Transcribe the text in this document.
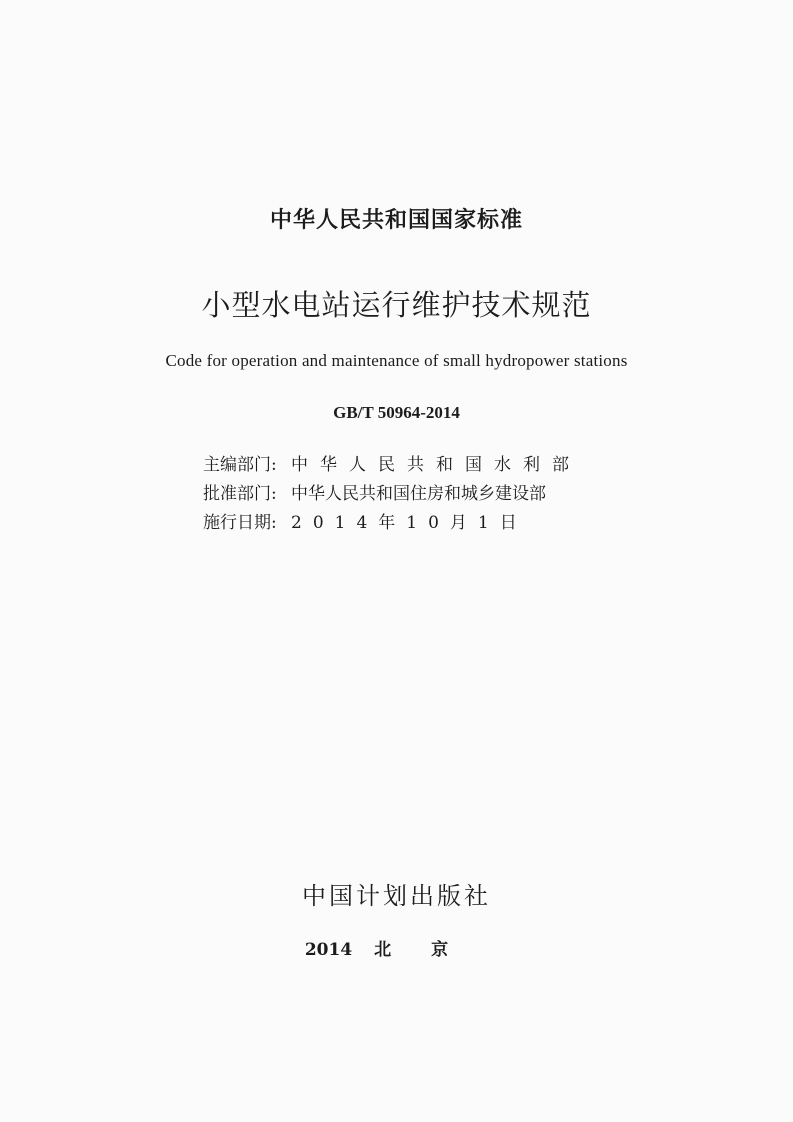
中华人民共和国国家标准
小型水电站运行维护技术规范
Code for operation and maintenance of small hydropower stations
GB/T 50964-2014
主编部门: 中华人民共和国水利部
批准部门: 中华人民共和国住房和城乡建设部
施行日期: 2014年10月1日
中国计划出版社
2014 北京
